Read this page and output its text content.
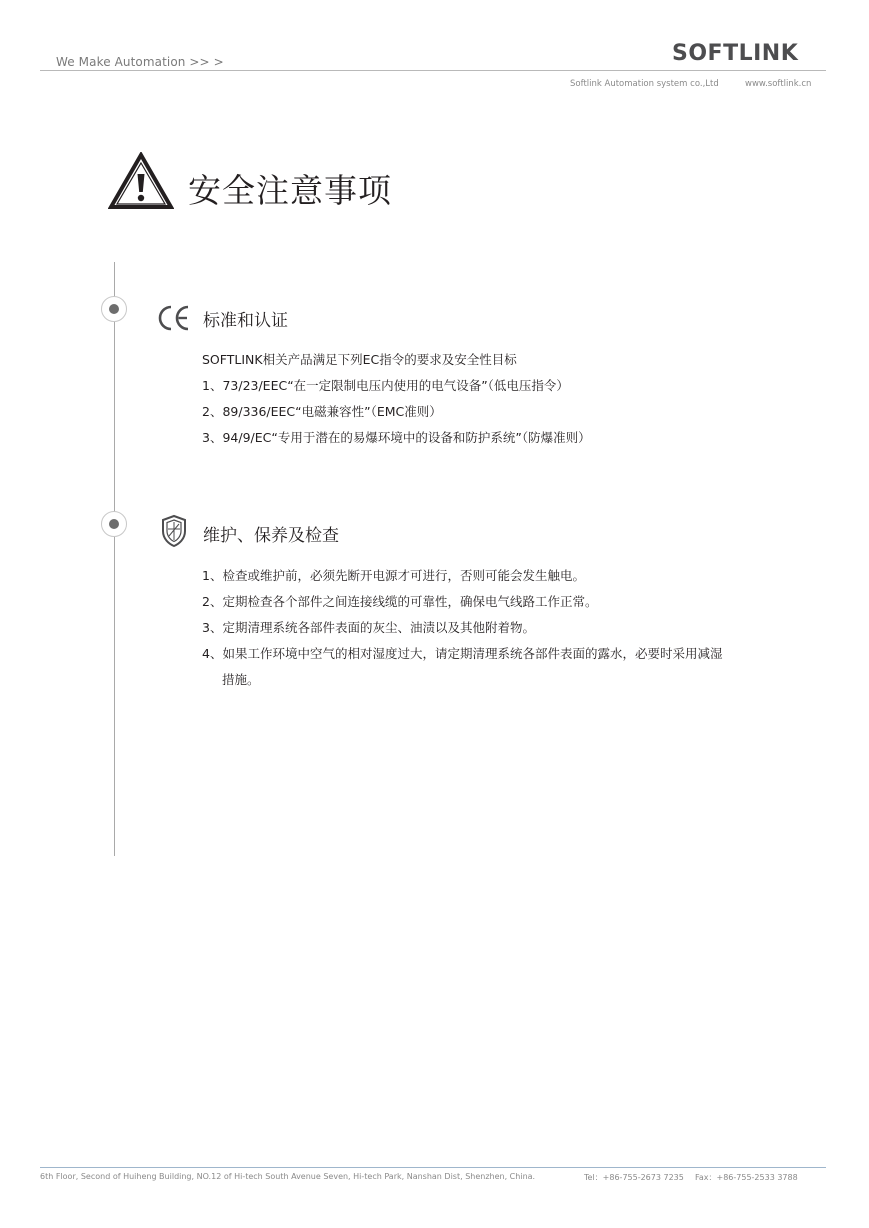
We Make Automation >> >	SOFTLINK
Softlink Automation system co.,Ltd	www.softlink.cn
安全注意事项
标准和认证
SOFTLINK相关产品满足下列EC指令的要求及安全性目标
1、73/23/EEC“在一定限制电压内使用的电气设备”（低电压指令）
2、89/336/EEC“电磁兼容性”（EMC准则）
3、94/9/EC“专用于潜在的易爆环境中的设备和防护系统”（防爆准则）
维护、保养及检查
1、检查或维护前，必须先断开电源才可进行，否则可能会发生触电。
2、定期检查各个部件之间连接线缆的可靠性，确保电气线路工作正常。
3、定期清理系统各部件表面的灰尘、油渍以及其他附着物。
4、如果工作环境中空气的相对湿度过大，请定期清理系统各部件表面的露水，必要时采用减湿
措施。
6th Floor, Second of Huiheng Building, NO.12 of Hi-tech South Avenue Seven, Hi-tech Park, Nanshan Dist, Shenzhen, China.	Tel：+86-755-2673 7235 Fax：+86-755-2533 3788
